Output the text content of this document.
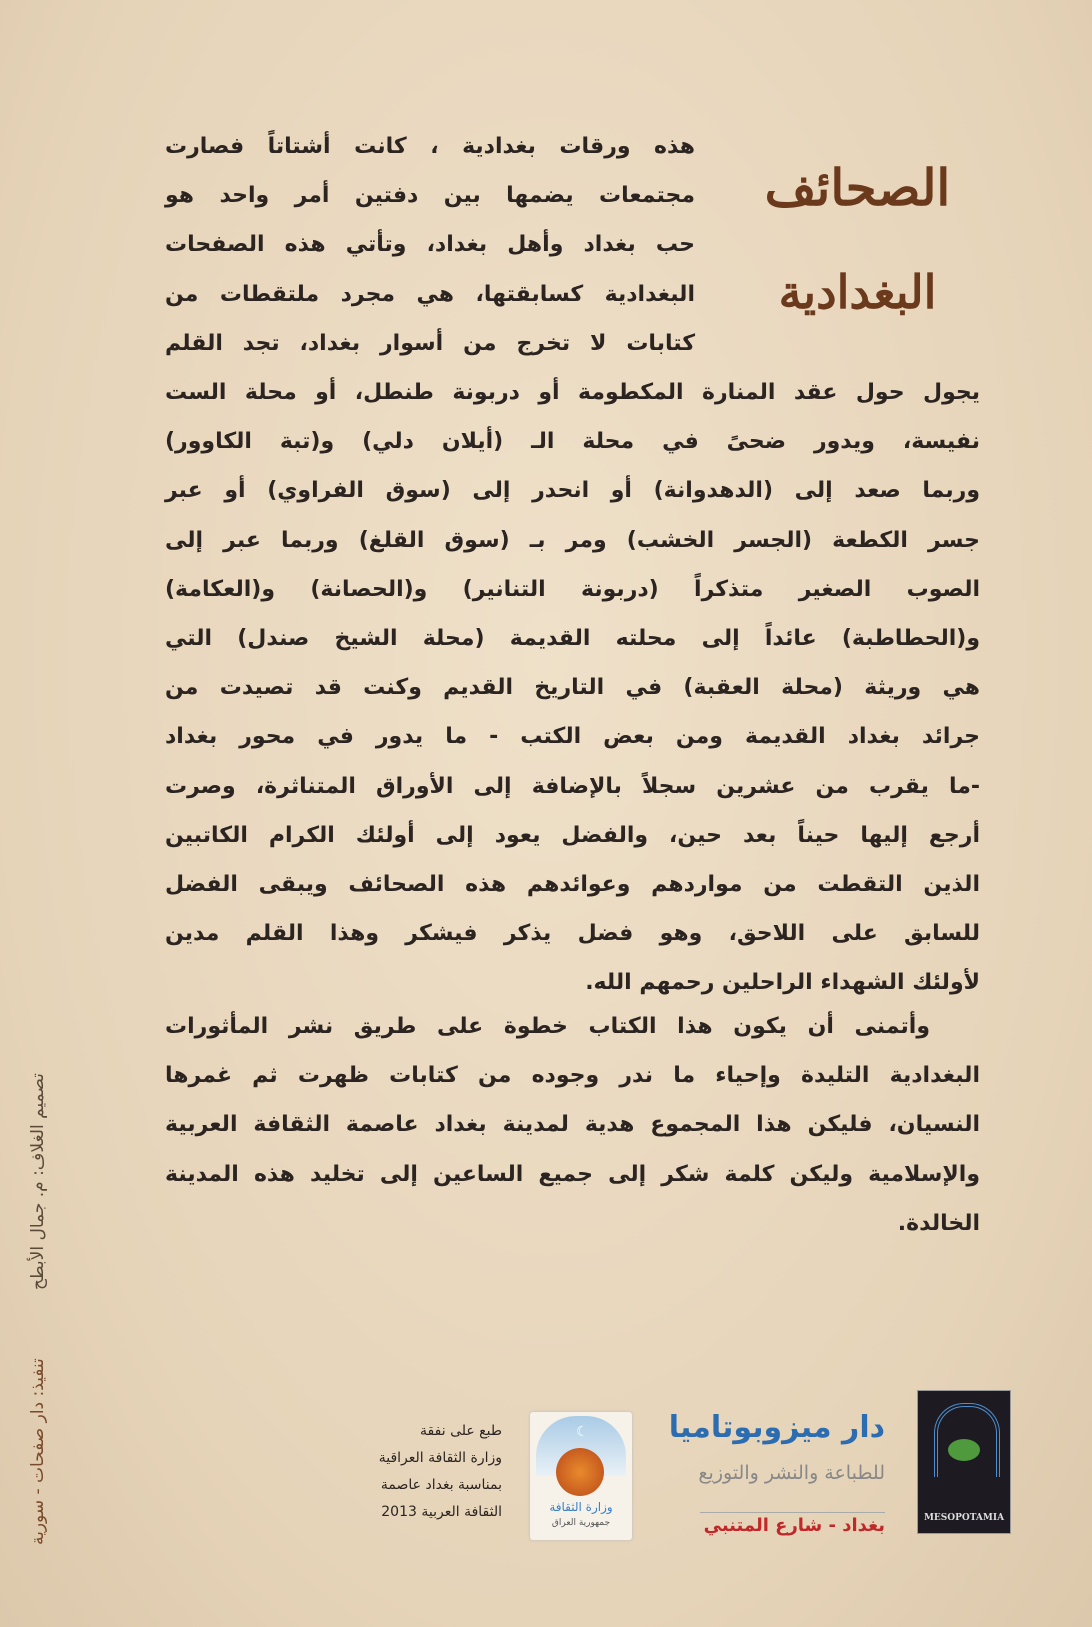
الصحائف
البغدادية
هذه ورقات بغدادية ، كانت أشتاتاً فصارت
مجتمعات يضمها بين دفتين أمر واحد هو
حب بغداد وأهل بغداد، وتأتي هذه الصفحات
البغدادية كسابقتها، هي مجرد ملتقطات من
كتابات لا تخرج من أسوار بغداد، تجد القلم
يجول حول عقد المنارة المكطومة أو دربونة طنطل، أو محلة الست
نفيسة، ويدور ضحىً في محلة الـ (أيلان دلي) و(تبة الكاوور)
وربما صعد إلى (الدهدوانة) أو انحدر إلى (سوق الفراوي) أو عبر
جسر الكطعة (الجسر الخشب) ومر بـ (سوق القلغ) وربما عبر إلى
الصوب الصغير متذكراً (دربونة التنانير) و(الحصانة) و(العكامة)
و(الحطاطبة) عائداً إلى محلته القديمة (محلة الشيخ صندل) التي
هي وريثة (محلة العقبة) في التاريخ القديم وكنت قد تصيدت من
جرائد بغداد القديمة ومن بعض الكتب - ما يدور في محور بغداد
-ما يقرب من عشرين سجلاً بالإضافة إلى الأوراق المتناثرة، وصرت
أرجع إليها حيناً بعد حين، والفضل يعود إلى أولئك الكرام الكاتبين
الذين التقطت من مواردهم وعوائدهم هذه الصحائف ويبقى الفضل
للسابق على اللاحق، وهو فضل يذكر فيشكر وهذا القلم مدين
لأولئك الشهداء الراحلين رحمهم الله.
وأتمنى أن يكون هذا الكتاب خطوة على طريق نشر المأثورات
البغدادية التليدة وإحياء ما ندر وجوده من كتابات ظهرت ثم غمرها
النسيان، فليكن هذا المجموع هدية لمدينة بغداد عاصمة الثقافة العربية
والإسلامية وليكن كلمة شكر إلى جميع الساعين إلى تخليد هذه المدينة
الخالدة.
تصميم الغلاف: م. جمال الأبطح
تنفيذ: دار صفحات - سورية	MESOPOTAMIA
دار ميزوبوتاميا
للطباعة والنشر والتوزيع
بغداد - شارع المتنبي
☾
وزارة الثقافة
جمهورية العراق
طبع على نفقة
وزارة الثقافة العراقية
بمناسبة بغداد عاصمة
الثقافة العربية 2013
